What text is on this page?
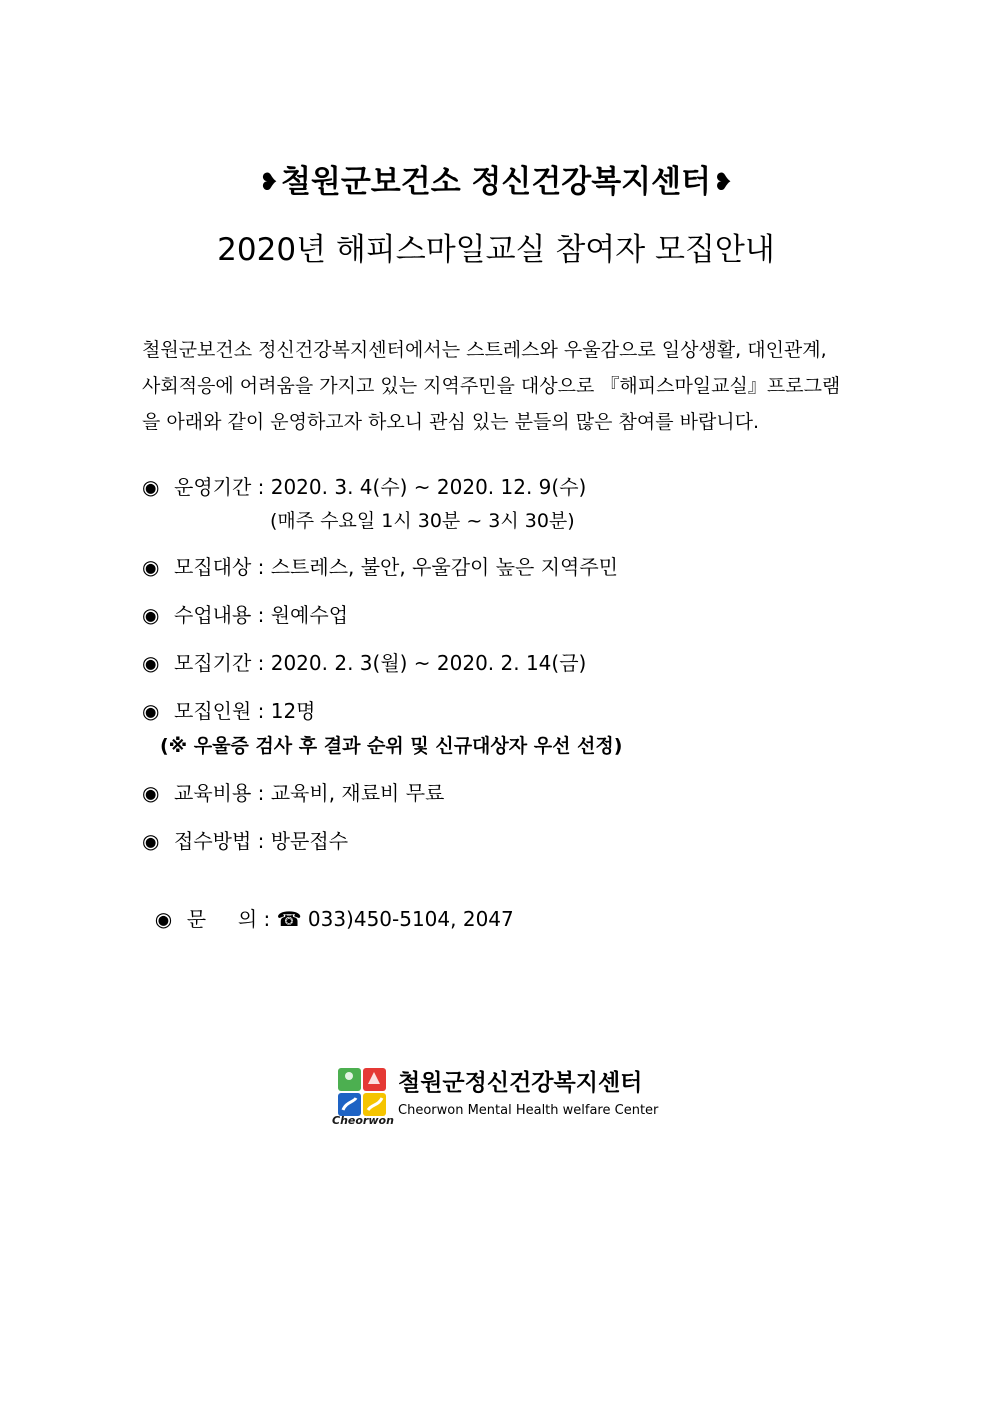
❥철원군보건소 정신건강복지센터❥
2020년 해피스마일교실 참여자 모집안내
철원군보건소 정신건강복지센터에서는 스트레스와 우울감으로 일상생활, 대인관계,
사회적응에 어려움을 가지고 있는 지역주민을 대상으로 『해피스마일교실』프로그램
을 아래와 같이 운영하고자 하오니 관심 있는 분들의 많은 참여를 바랍니다.
◉ 운영기간 : 2020. 3. 4(수) ~ 2020. 12. 9(수)
(매주 수요일 1시 30분 ~ 3시 30분)
◉ 모집대상 : 스트레스, 불안, 우울감이 높은 지역주민
◉ 수업내용 : 원예수업
◉ 모집기간 : 2020. 2. 3(월) ~ 2020. 2. 14(금)
◉ 모집인원 : 12명
(※ 우울증 검사 후 결과 순위 및 신규대상자 우선 선정)
◉ 교육비용 : 교육비, 재료비 무료
◉ 접수방법 : 방문접수

◉ 문     의 : ☎ 033)450-5104, 2047

Cheorwon
철원군정신건강복지센터
Cheorwon Mental Health welfare Center
